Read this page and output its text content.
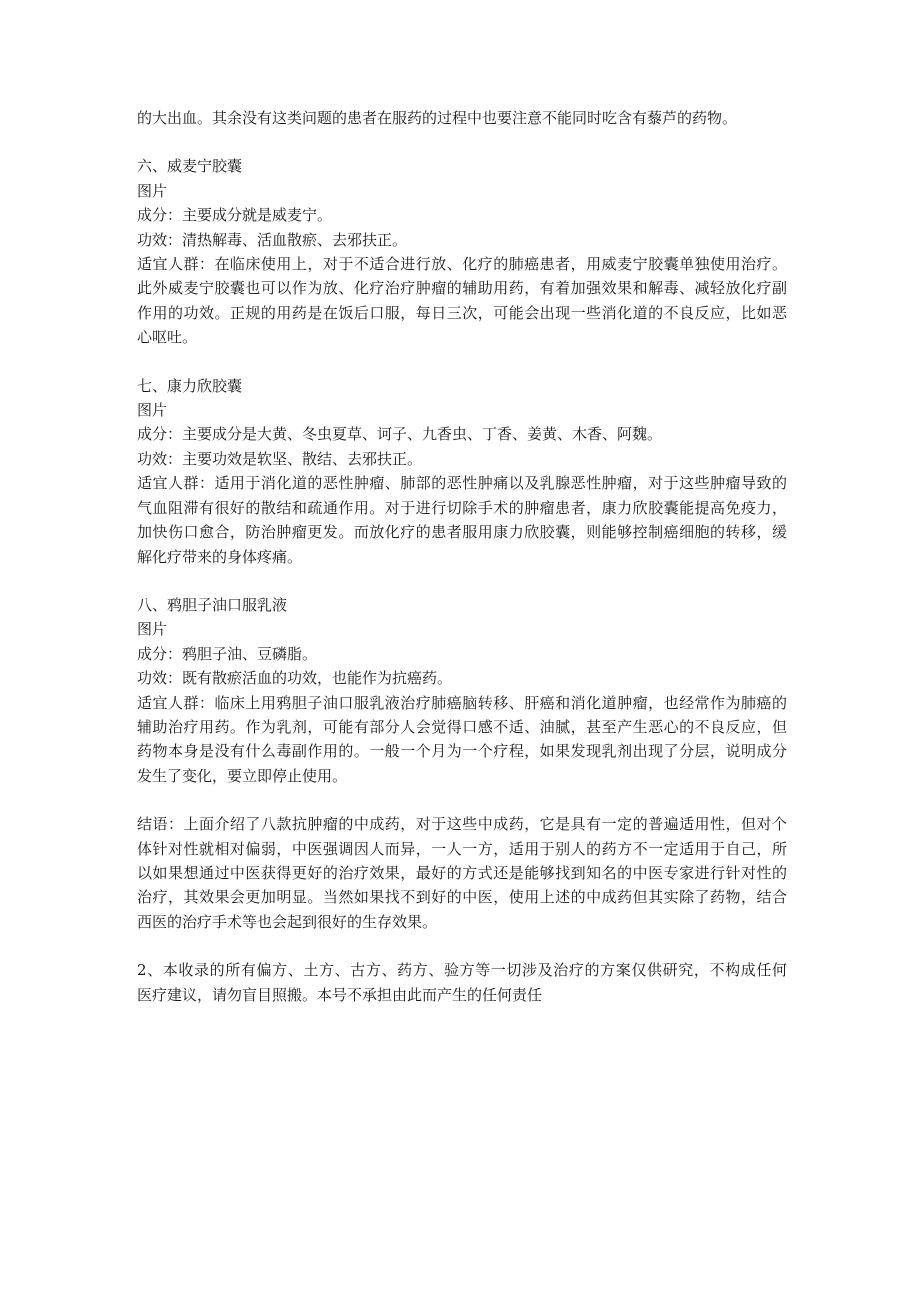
的大出血。其余没有这类问题的患者在服药的过程中也要注意不能同时吃含有藜芦的药物。
六、威麦宁胶囊
图片
成分：主要成分就是威麦宁。
功效：清热解毒、活血散瘀、去邪扶正。
适宜人群：在临床使用上，对于不适合进行放、化疗的肺癌患者，用威麦宁胶囊单独使用治疗。
此外威麦宁胶囊也可以作为放、化疗治疗肿瘤的辅助用药，有着加强效果和解毒、减轻放化疗副
作用的功效。正规的用药是在饭后口服，每日三次，可能会出现一些消化道的不良反应，比如恶
心呕吐。
七、康力欣胶囊
图片
成分：主要成分是大黄、冬虫夏草、诃子、九香虫、丁香、姜黄、木香、阿魏。
功效：主要功效是软坚、散结、去邪扶正。
适宜人群：适用于消化道的恶性肿瘤、肺部的恶性肿痛以及乳腺恶性肿瘤，对于这些肿瘤导致的
气血阻滞有很好的散结和疏通作用。对于进行切除手术的肿瘤患者，康力欣胶囊能提高免疫力，
加快伤口愈合，防治肿瘤更发。而放化疗的患者服用康力欣胶囊，则能够控制癌细胞的转移，缓
解化疗带来的身体疼痛。
八、鸦胆子油口服乳液
图片
成分：鸦胆子油、豆磷脂。
功效：既有散瘀活血的功效，也能作为抗癌药。
适宜人群：临床上用鸦胆子油口服乳液治疗肺癌脑转移、肝癌和消化道肿瘤，也经常作为肺癌的
辅助治疗用药。作为乳剂，可能有部分人会觉得口感不适、油腻，甚至产生恶心的不良反应，但
药物本身是没有什么毒副作用的。一般一个月为一个疗程，如果发现乳剂出现了分层，说明成分
发生了变化，要立即停止使用。
结语：上面介绍了八款抗肿瘤的中成药，对于这些中成药，它是具有一定的普遍适用性，但对个
体针对性就相对偏弱，中医强调因人而异，一人一方，适用于别人的药方不一定适用于自己，所
以如果想通过中医获得更好的治疗效果，最好的方式还是能够找到知名的中医专家进行针对性的
治疗，其效果会更加明显。当然如果找不到好的中医，使用上述的中成药但其实除了药物，结合
西医的治疗手术等也会起到很好的生存效果。
2、本收录的所有偏方、土方、古方、药方、验方等一切涉及治疗的方案仅供研究，不构成任何
医疗建议，请勿盲目照搬。本号不承担由此而产生的任何责任
